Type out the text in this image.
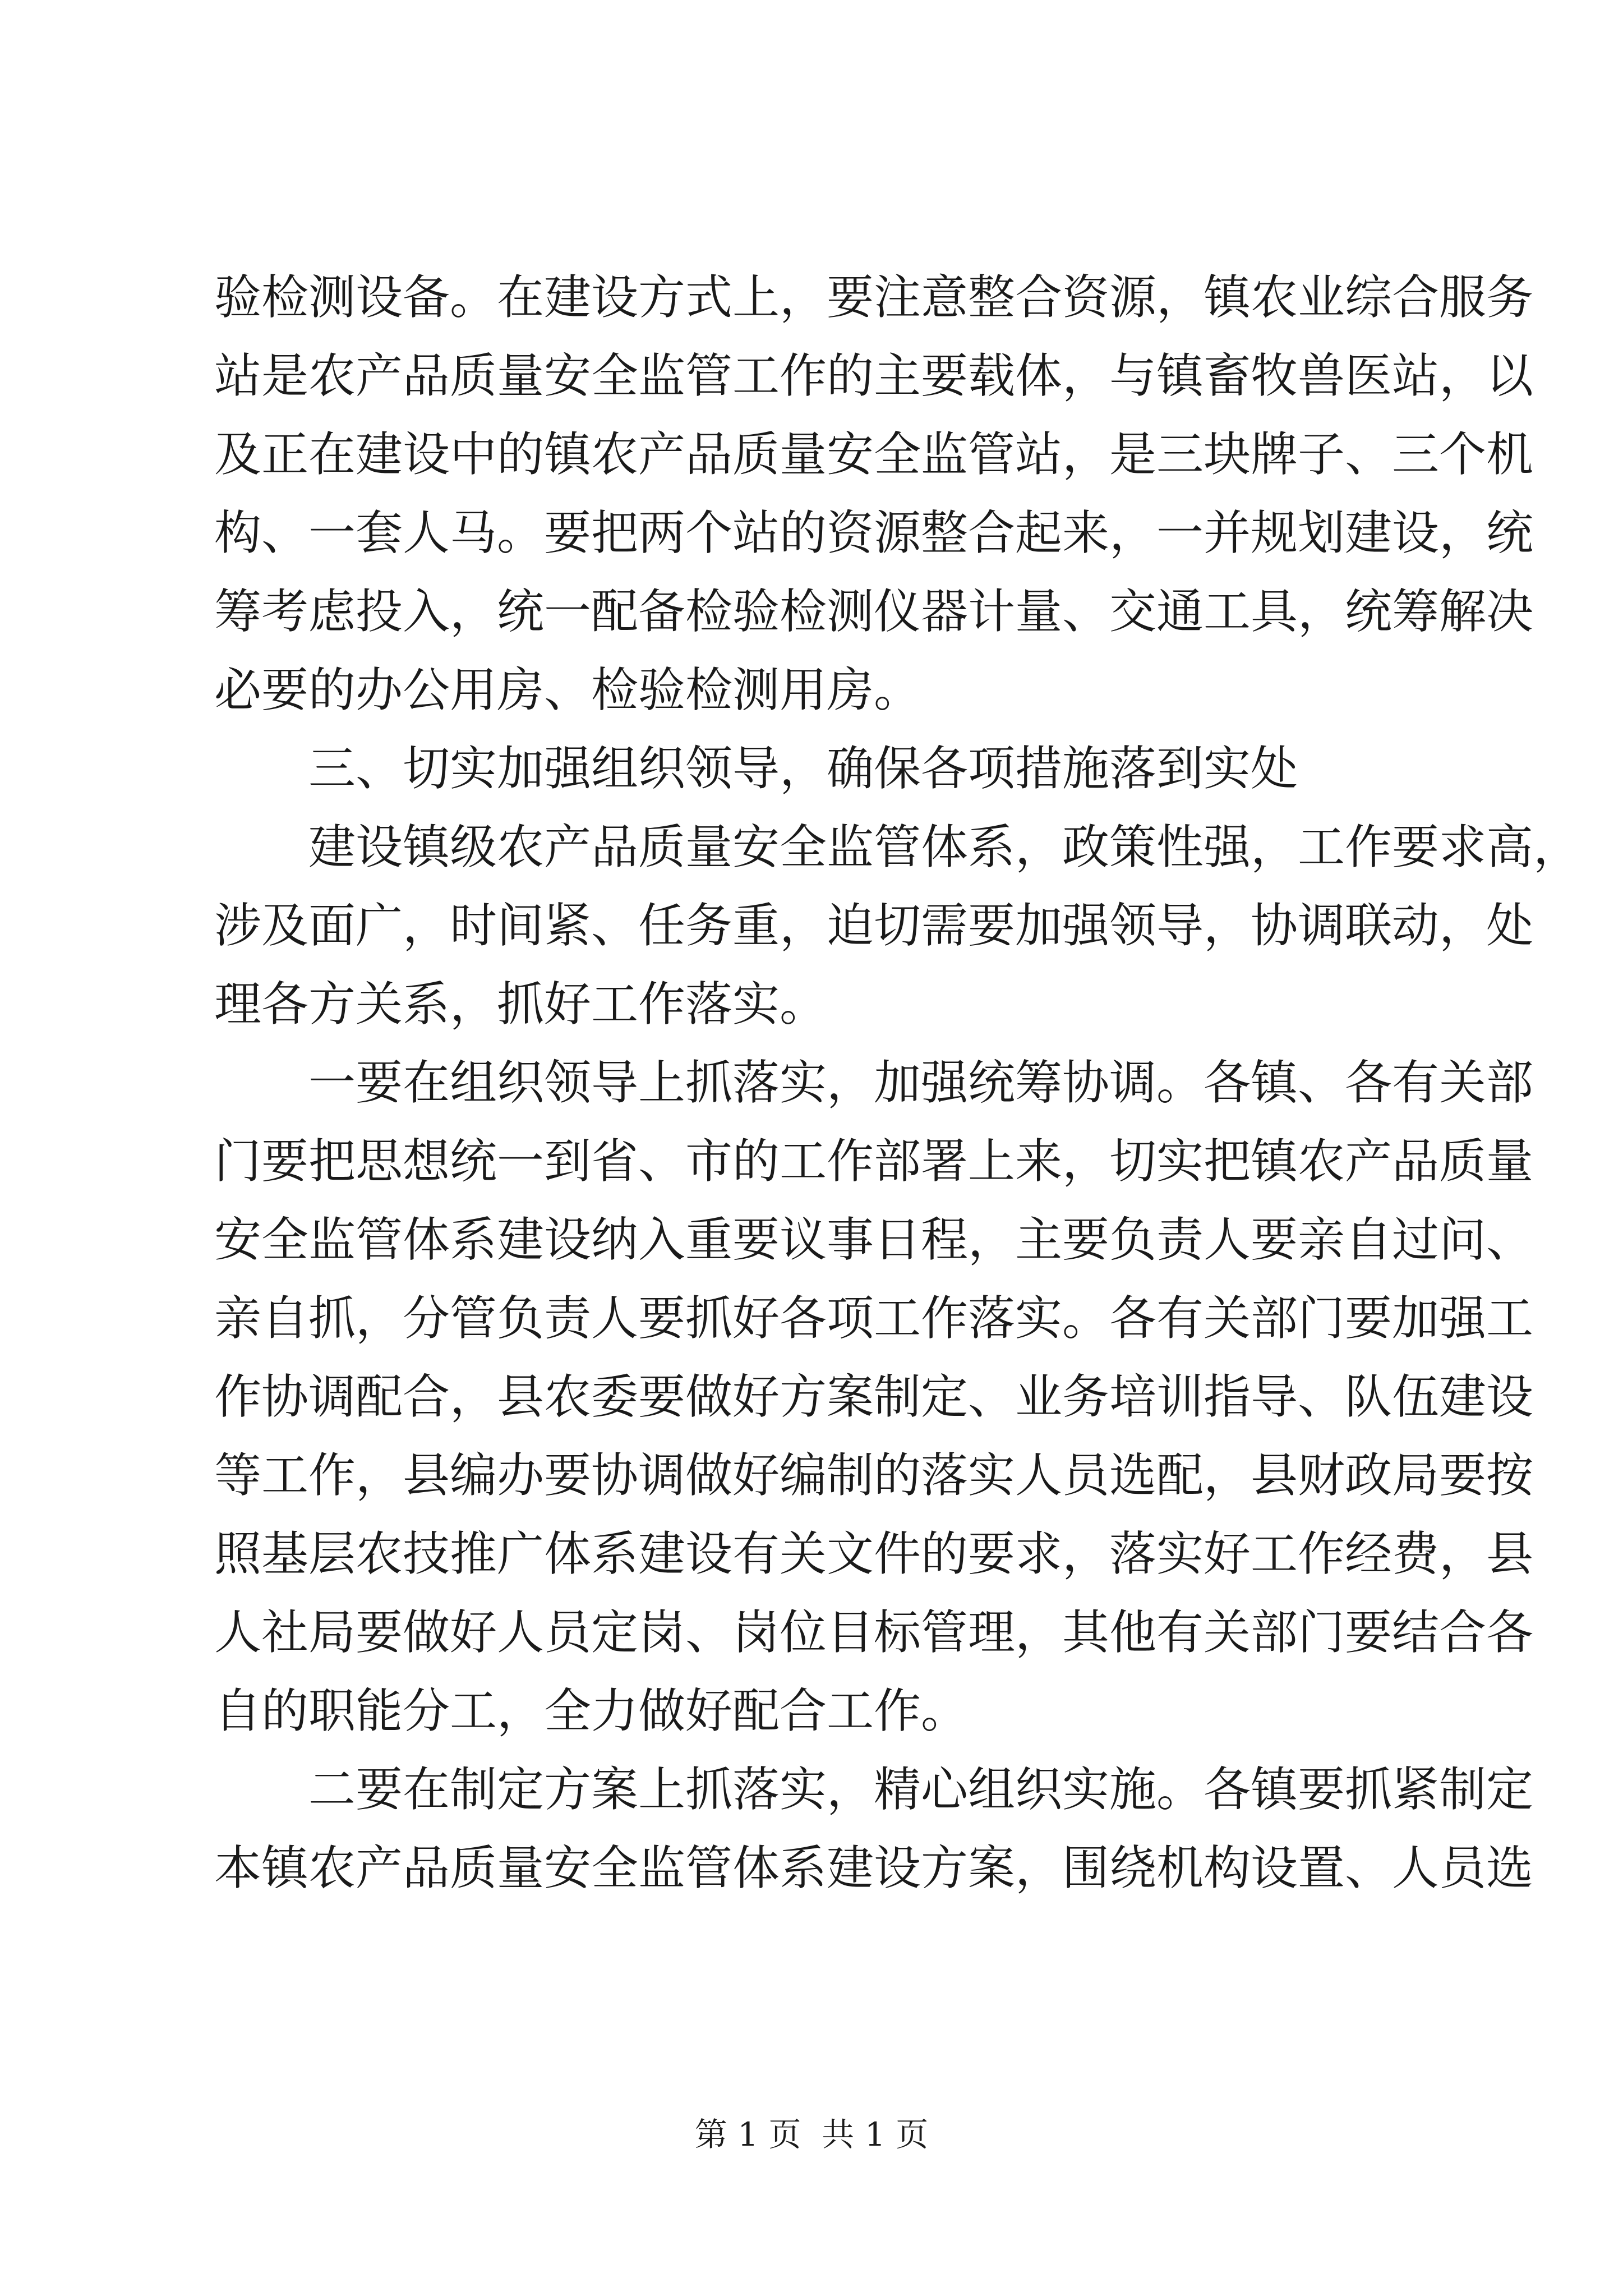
验检测设备。在建设方式上，要注意整合资源，镇农业综合服务
站是农产品质量安全监管工作的主要载体，与镇畜牧兽医站，以
及正在建设中的镇农产品质量安全监管站，是三块牌子、三个机
构、一套人马。要把两个站的资源整合起来，一并规划建设，统
筹考虑投入，统一配备检验检测仪器计量、交通工具，统筹解决
必要的办公用房、检验检测用房。
三、切实加强组织领导，确保各项措施落到实处
建设镇级农产品质量安全监管体系，政策性强，工作要求高，
涉及面广，时间紧、任务重，迫切需要加强领导，协调联动，处
理各方关系，抓好工作落实。
一要在组织领导上抓落实，加强统筹协调。各镇、各有关部
门要把思想统一到省、市的工作部署上来，切实把镇农产品质量
安全监管体系建设纳入重要议事日程，主要负责人要亲自过问、
亲自抓，分管负责人要抓好各项工作落实。各有关部门要加强工
作协调配合，县农委要做好方案制定、业务培训指导、队伍建设
等工作，县编办要协调做好编制的落实人员选配，县财政局要按
照基层农技推广体系建设有关文件的要求，落实好工作经费，县
人社局要做好人员定岗、岗位目标管理，其他有关部门要结合各
自的职能分工，全力做好配合工作。
二要在制定方案上抓落实，精心组织实施。各镇要抓紧制定
本镇农产品质量安全监管体系建设方案，围绕机构设置、人员选
第 1 页  共 1 页
